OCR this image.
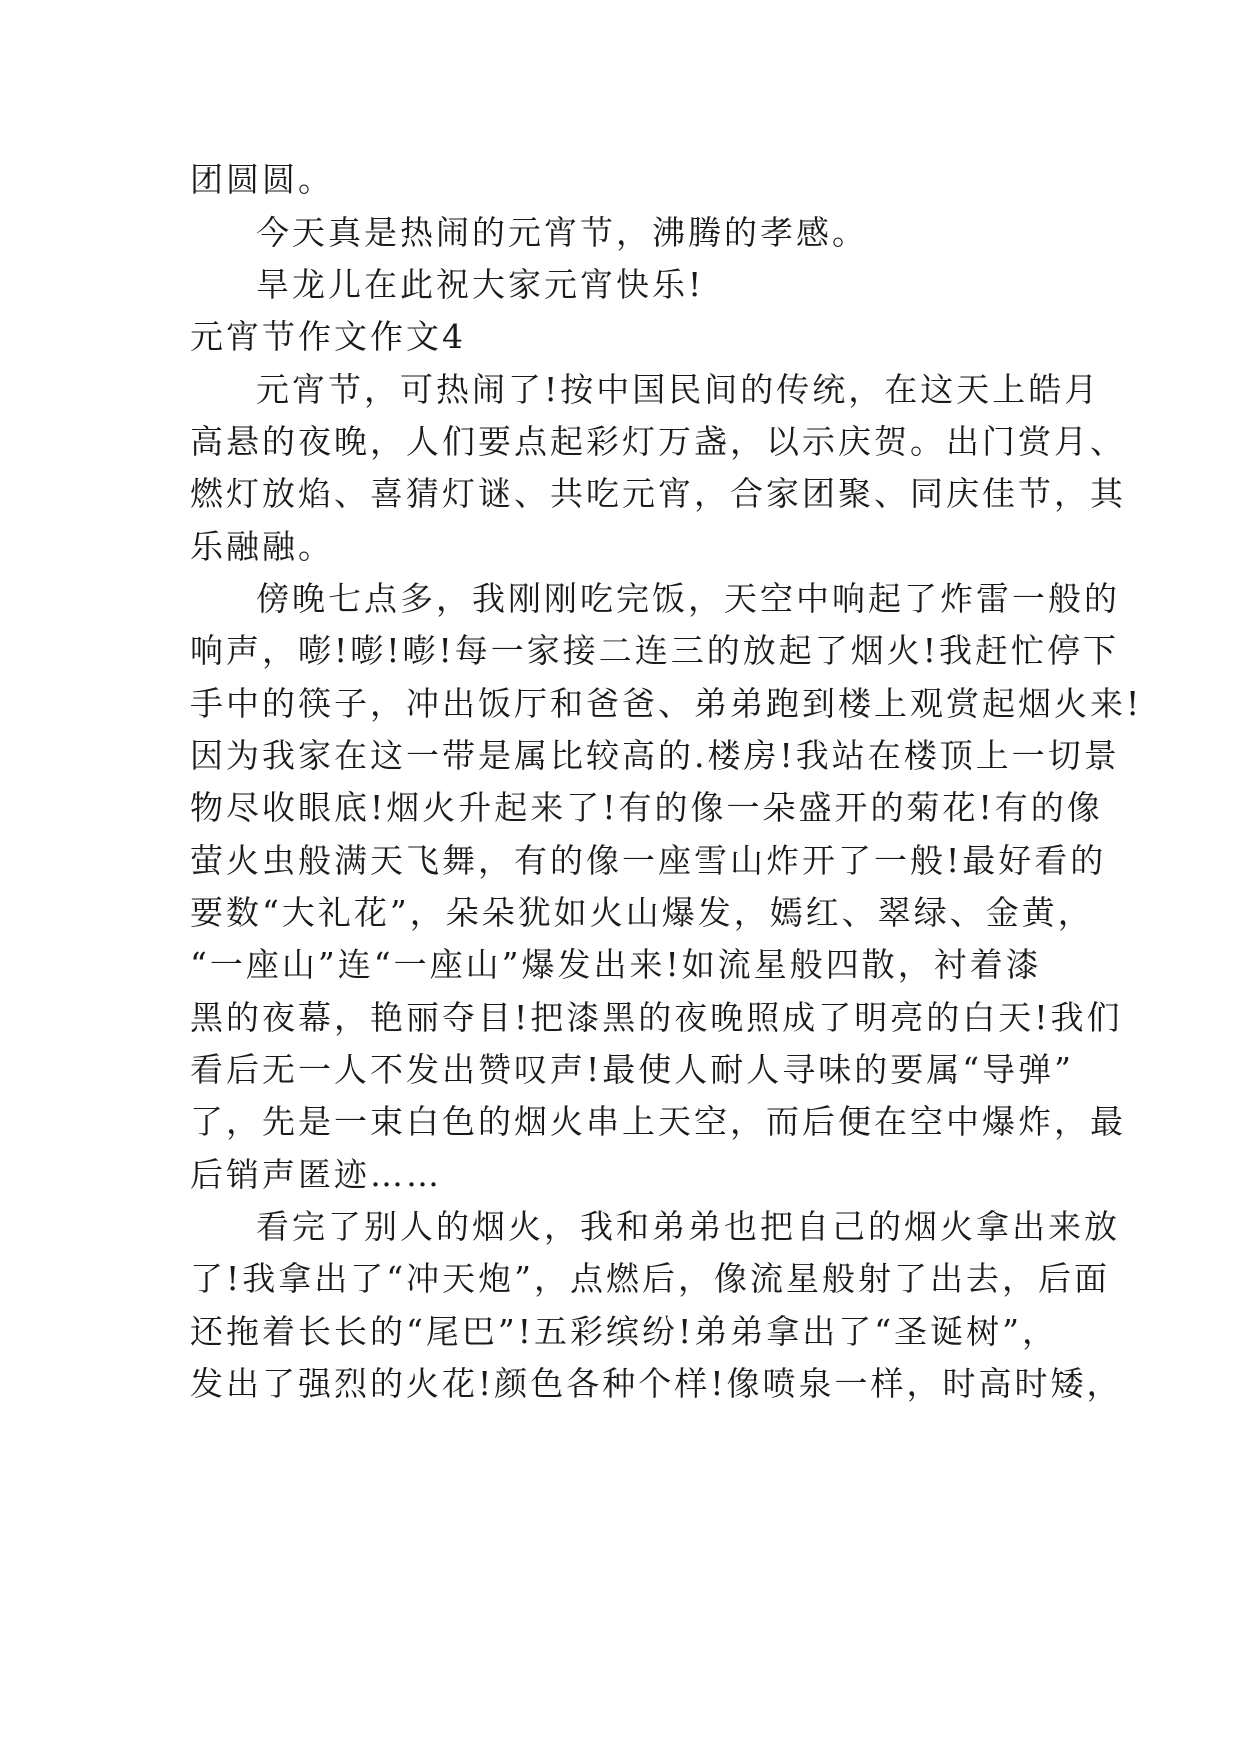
团圆圆。
今天真是热闹的元宵节，沸腾的孝感。
旱龙儿在此祝大家元宵快乐!
元宵节作文作文4
元宵节，可热闹了!按中国民间的传统，在这天上皓月
高悬的夜晚，人们要点起彩灯万盏，以示庆贺。出门赏月、
燃灯放焰、喜猜灯谜、共吃元宵，合家团聚、同庆佳节，其
乐融融。
傍晚七点多，我刚刚吃完饭，天空中响起了炸雷一般的
响声，嘭!嘭!嘭!每一家接二连三的放起了烟火!我赶忙停下
手中的筷子，冲出饭厅和爸爸、弟弟跑到楼上观赏起烟火来!
因为我家在这一带是属比较高的.楼房!我站在楼顶上一切景
物尽收眼底!烟火升起来了!有的像一朵盛开的菊花!有的像
萤火虫般满天飞舞，有的像一座雪山炸开了一般!最好看的
要数“大礼花”，朵朵犹如火山爆发，嫣红、翠绿、金黄，
“一座山”连“一座山”爆发出来!如流星般四散，衬着漆
黑的夜幕，艳丽夺目!把漆黑的夜晚照成了明亮的白天!我们
看后无一人不发出赞叹声!最使人耐人寻味的要属“导弹”
了，先是一束白色的烟火串上天空，而后便在空中爆炸，最
后销声匿迹……
看完了别人的烟火，我和弟弟也把自己的烟火拿出来放
了!我拿出了“冲天炮”，点燃后，像流星般射了出去，后面
还拖着长长的“尾巴”!五彩缤纷!弟弟拿出了“圣诞树”，
发出了强烈的火花!颜色各种个样!像喷泉一样，时高时矮，
